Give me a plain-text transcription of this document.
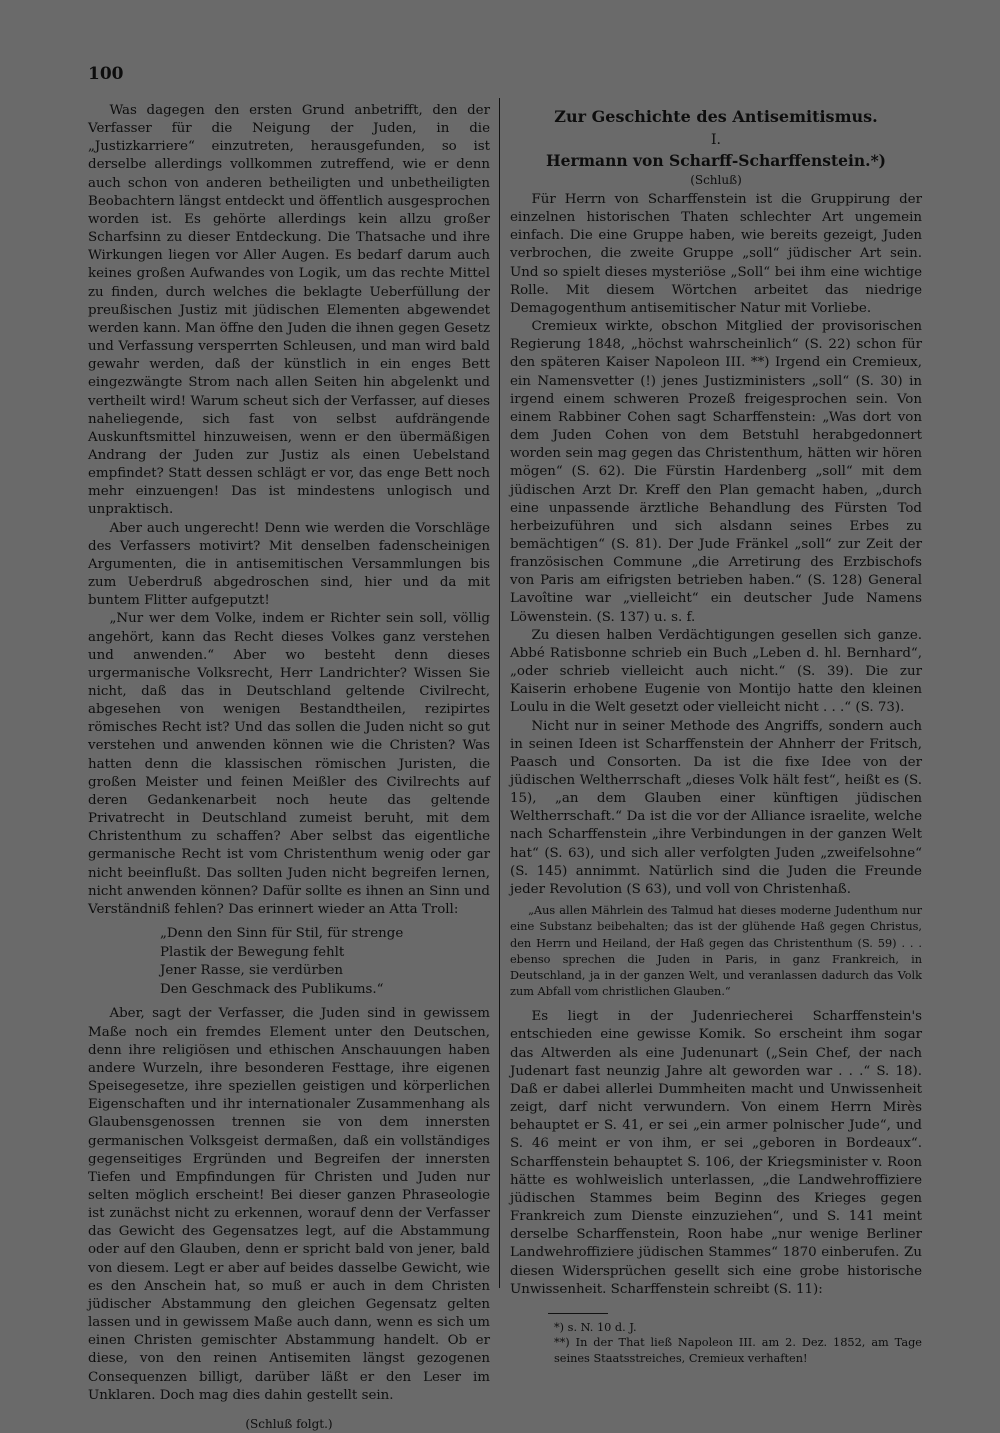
100

Was dagegen den ersten Grund anbetrifft, den der Verfasser für die Neigung der Juden, in die „Justizkarriere“ einzutreten, herausgefunden, so ist derselbe allerdings vollkommen zutreffend, wie er denn auch schon von anderen betheiligten und unbetheiligten Beobachtern längst entdeckt und öffentlich ausgesprochen worden ist. Es gehörte allerdings kein allzu großer Scharfsinn zu dieser Entdeckung. Die Thatsache und ihre Wirkungen liegen vor Aller Augen. Es bedarf darum auch keines großen Aufwandes von Logik, um das rechte Mittel zu finden, durch welches die beklagte Ueberfüllung der preußischen Justiz mit jüdischen Elementen abgewendet werden kann. Man öffne den Juden die ihnen gegen Gesetz und Verfassung versperrten Schleusen, und man wird bald gewahr werden, daß der künstlich in ein enges Bett eingezwängte Strom nach allen Seiten hin abgelenkt und vertheilt wird! Warum scheut sich der Verfasser, auf dieses naheliegende, sich fast von selbst aufdrängende Auskunftsmittel hinzuweisen, wenn er den übermäßigen Andrang der Juden zur Justiz als einen Uebelstand empfindet? Statt dessen schlägt er vor, das enge Bett noch mehr einzuengen! Das ist mindestens unlogisch und unpraktisch.

Aber auch ungerecht! Denn wie werden die Vorschläge des Verfassers motivirt? Mit denselben fadenscheinigen Argumenten, die in antisemitischen Versammlungen bis zum Ueberdruß abgedroschen sind, hier und da mit buntem Flitter aufgeputzt!

„Nur wer dem Volke, indem er Richter sein soll, völlig angehört, kann das Recht dieses Volkes ganz verstehen und anwenden.“ Aber wo besteht denn dieses urgermanische Volksrecht, Herr Landrichter? Wissen Sie nicht, daß das in Deutschland geltende Civilrecht, abgesehen von wenigen Bestandtheilen, rezipirtes römisches Recht ist? Und das sollen die Juden nicht so gut verstehen und anwenden können wie die Christen? Was hatten denn die klassischen römischen Juristen, die großen Meister und feinen Meißler des Civilrechts auf deren Gedankenarbeit noch heute das geltende Privatrecht in Deutschland zumeist beruht, mit dem Christenthum zu schaffen? Aber selbst das eigentliche germanische Recht ist vom Christenthum wenig oder gar nicht beeinflußt. Das sollten Juden nicht begreifen lernen, nicht anwenden können? Dafür sollte es ihnen an Sinn und Verständniß fehlen? Das erinnert wieder an Atta Troll:

„Denn den Sinn für Stil, für strenge
Plastik der Bewegung fehlt
Jener Rasse, sie verdürben
Den Geschmack des Publikums.“

Aber, sagt der Verfasser, die Juden sind in gewissem Maße noch ein fremdes Element unter den Deutschen, denn ihre religiösen und ethischen Anschauungen haben andere Wurzeln, ihre besonderen Festtage, ihre eigenen Speisegesetze, ihre speziellen geistigen und körperlichen Eigenschaften und ihr internationaler Zusammenhang als Glaubensgenossen trennen sie von dem innersten germanischen Volksgeist dermaßen, daß ein vollständiges gegenseitiges Ergründen und Begreifen der innersten Tiefen und Empfindungen für Christen und Juden nur selten möglich erscheint! Bei dieser ganzen Phraseologie ist zunächst nicht zu erkennen, worauf denn der Verfasser das Gewicht des Gegensatzes legt, auf die Abstammung oder auf den Glauben, denn er spricht bald von jener, bald von diesem. Legt er aber auf beides dasselbe Gewicht, wie es den Anschein hat, so muß er auch in dem Christen jüdischer Abstammung den gleichen Gegensatz gelten lassen und in gewissem Maße auch dann, wenn es sich um einen Christen gemischter Abstammung handelt. Ob er diese, von den reinen Antisemiten längst gezogenen Consequenzen billigt, darüber läßt er den Leser im Unklaren. Doch mag dies dahin gestellt sein.

(Schluß folgt.)
Zur Geschichte des Antisemitismus.
I.
Hermann von Scharff-Scharffenstein.*)
(Schluß)

Für Herrn von Scharffenstein ist die Gruppirung der einzelnen historischen Thaten schlechter Art ungemein einfach. Die eine Gruppe haben, wie bereits gezeigt, Juden verbrochen, die zweite Gruppe „soll“ jüdischer Art sein. Und so spielt dieses mysteriöse „Soll“ bei ihm eine wichtige Rolle. Mit diesem Wörtchen arbeitet das niedrige Demagogenthum antisemitischer Natur mit Vorliebe.

Cremieux wirkte, obschon Mitglied der provisorischen Regierung 1848, „höchst wahrscheinlich“ (S. 22) schon für den späteren Kaiser Napoleon III. **) Irgend ein Cremieux, ein Namensvetter (!) jenes Justizministers „soll“ (S. 30) in irgend einem schweren Prozeß freigesprochen sein. Von einem Rabbiner Cohen sagt Scharffenstein: „Was dort von dem Juden Cohen von dem Betstuhl herabgedonnert worden sein mag gegen das Christenthum, hätten wir hören mögen“ (S. 62). Die Fürstin Hardenberg „soll“ mit dem jüdischen Arzt Dr. Kreff den Plan gemacht haben, „durch eine unpassende ärztliche Behandlung des Fürsten Tod herbeizuführen und sich alsdann seines Erbes zu bemächtigen“ (S. 81). Der Jude Fränkel „soll“ zur Zeit der französischen Commune „die Arretirung des Erzbischofs von Paris am eifrigsten betrieben haben.“ (S. 128) General Lavoîtine war „vielleicht“ ein deutscher Jude Namens Löwenstein. (S. 137) u. s. f.

Zu diesen halben Verdächtigungen gesellen sich ganze. Abbé Ratisbonne schrieb ein Buch „Leben d. hl. Bernhard“, „oder schrieb vielleicht auch nicht.“ (S. 39). Die zur Kaiserin erhobene Eugenie von Montijo hatte den kleinen Loulu in die Welt gesetzt oder vielleicht nicht . . .“ (S. 73).

Nicht nur in seiner Methode des Angriffs, sondern auch in seinen Ideen ist Scharffenstein der Ahnherr der Fritsch, Paasch und Consorten. Da ist die fixe Idee von der jüdischen Weltherrschaft „dieses Volk hält fest“, heißt es (S. 15), „an dem Glauben einer künftigen jüdischen Weltherrschaft.“ Da ist die vor der Alliance israelite, welche nach Scharffenstein „ihre Verbindungen in der ganzen Welt hat“ (S. 63), und sich aller verfolgten Juden „zweifelsohne“ (S. 145) annimmt. Natürlich sind die Juden die Freunde jeder Revolution (S 63), und voll von Christenhaß.

„Aus allen Mährlein des Talmud hat dieses moderne Judenthum nur eine Substanz beibehalten; das ist der glühende Haß gegen Christus, den Herrn und Heiland, der Haß gegen das Christenthum (S. 59) . . . ebenso sprechen die Juden in Paris, in ganz Frankreich, in Deutschland, ja in der ganzen Welt, und veranlassen dadurch das Volk zum Abfall vom christlichen Glauben.“

Es liegt in der Judenriecherei Scharffenstein's entschieden eine gewisse Komik. So erscheint ihm sogar das Altwerden als eine Judenunart („Sein Chef, der nach Judenart fast neunzig Jahre alt geworden war . . .“ S. 18). Daß er dabei allerlei Dummheiten macht und Unwissenheit zeigt, darf nicht verwundern. Von einem Herrn Mirès behauptet er S. 41, er sei „ein armer polnischer Jude“, und S. 46 meint er von ihm, er sei „geboren in Bordeaux“. Scharffenstein behauptet S. 106, der Kriegsminister v. Roon hätte es wohlweislich unterlassen, „die Landwehroffiziere jüdischen Stammes beim Beginn des Krieges gegen Frankreich zum Dienste einzuziehen“, und S. 141 meint derselbe Scharffenstein, Roon habe „nur wenige Berliner Landwehroffiziere jüdischen Stammes“ 1870 einberufen. Zu diesen Widersprüchen gesellt sich eine grobe historische Unwissenheit. Scharffenstein schreibt (S. 11):

*) s. N. 10 d. J.

**) In der That ließ Napoleon III. am 2. Dez. 1852, am Tage seines Staatsstreiches, Cremieux verhaften!
